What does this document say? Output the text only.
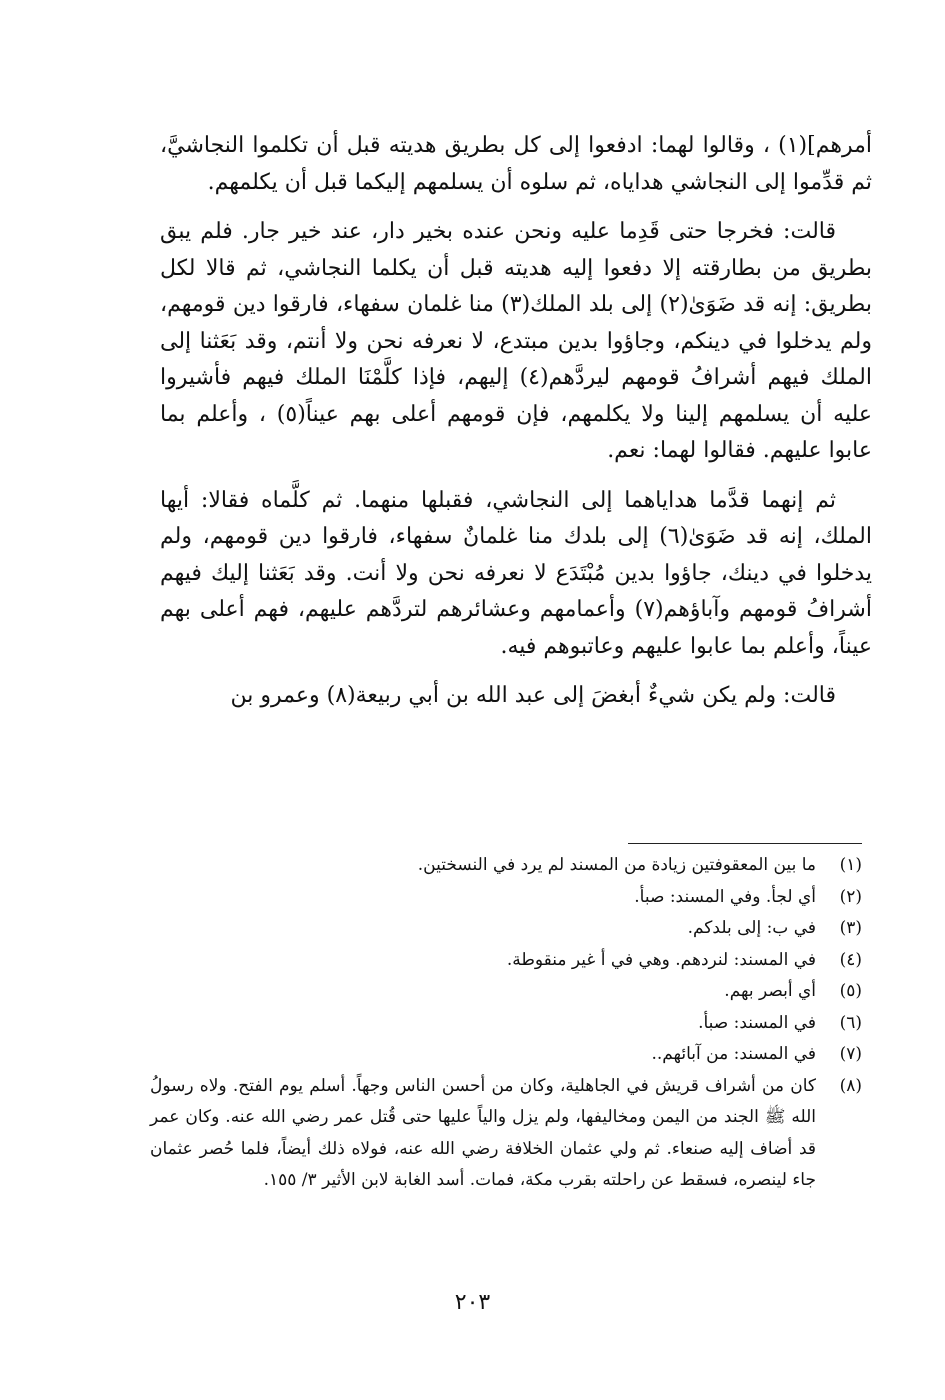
أمرهم](١) ، وقالوا لهما: ادفعوا إلى كل بطريق هديته قبل أن تكلموا النجاشيَّ، ثم قدِّموا إلى النجاشي هداياه، ثم سلوه أن يسلمهم إليكما قبل أن يكلمهم.

قالت: فخرجا حتى قَدِما عليه ونحن عنده بخير دار، عند خير جار. فلم يبق بطريق من بطارقته إلا دفعوا إليه هديته قبل أن يكلما النجاشي، ثم قالا لكل بطريق: إنه قد ضَوَىٰ(٢) إلى بلد الملك(٣) منا غلمان سفهاء، فارقوا دين قومهم، ولم يدخلوا في دينكم، وجاؤوا بدين مبتدع، لا نعرفه نحن ولا أنتم، وقد بَعَثنا إلى الملك فيهم أشرافُ قومهم ليردَّهم(٤) إليهم، فإذا كلَّمْنَا الملك فيهم فأشيروا عليه أن يسلمهم إلينا ولا يكلمهم، فإن قومهم أعلى بهم عيناً(٥) ، وأعلم بما عابوا عليهم. فقالوا لهما: نعم.

ثم إنهما قدَّما هداياهما إلى النجاشي، فقبلها منهما. ثم كلَّماه فقالا: أيها الملك، إنه قد ضَوَىٰ(٦) إلى بلدك منا غلمانٌ سفهاء، فارقوا دين قومهم، ولم يدخلوا في دينك، جاؤوا بدين مُبْتَدَع لا نعرفه نحن ولا أنت. وقد بَعَثنا إليك فيهم أشرافُ قومهم وآباؤهم(٧) وأعمامهم وعشائرهم لتردَّهم عليهم، فهم أعلى بهم عيناً، وأعلم بما عابوا عليهم وعاتبوهم فيه.

قالت: ولم يكن شيءٌ أبغضَ إلى عبد الله بن أبي ربيعة(٨) وعمرو بن

(١)
ما بين المعقوفتين زيادة من المسند لم يرد في النسختين.
(٢)
أي لجأ. وفي المسند: صبأ.
(٣)
في ب: إلى بلدكم.
(٤)
في المسند: لنردهم. وهي في أ غير منقوطة.
(٥)
أي أبصر بهم.
(٦)
في المسند: صبأ.
(٧)
في المسند: من آبائهم..
(٨)
كان من أشراف قريش في الجاهلية، وكان من أحسن الناس وجهاً. أسلم يوم الفتح. ولاه رسولُ الله ﷺ الجند من اليمن ومخاليفها، ولم يزل والياً عليها حتى قُتل عمر رضي الله عنه. وكان عمر قد أضاف إليه صنعاء. ثم ولي عثمان الخلافة رضي الله عنه، فولاه ذلك أيضاً، فلما حُصر عثمان جاء لينصره، فسقط عن راحلته بقرب مكة، فمات. أسد الغابة لابن الأثير ٣/ ١٥٥.
٢٠٣
